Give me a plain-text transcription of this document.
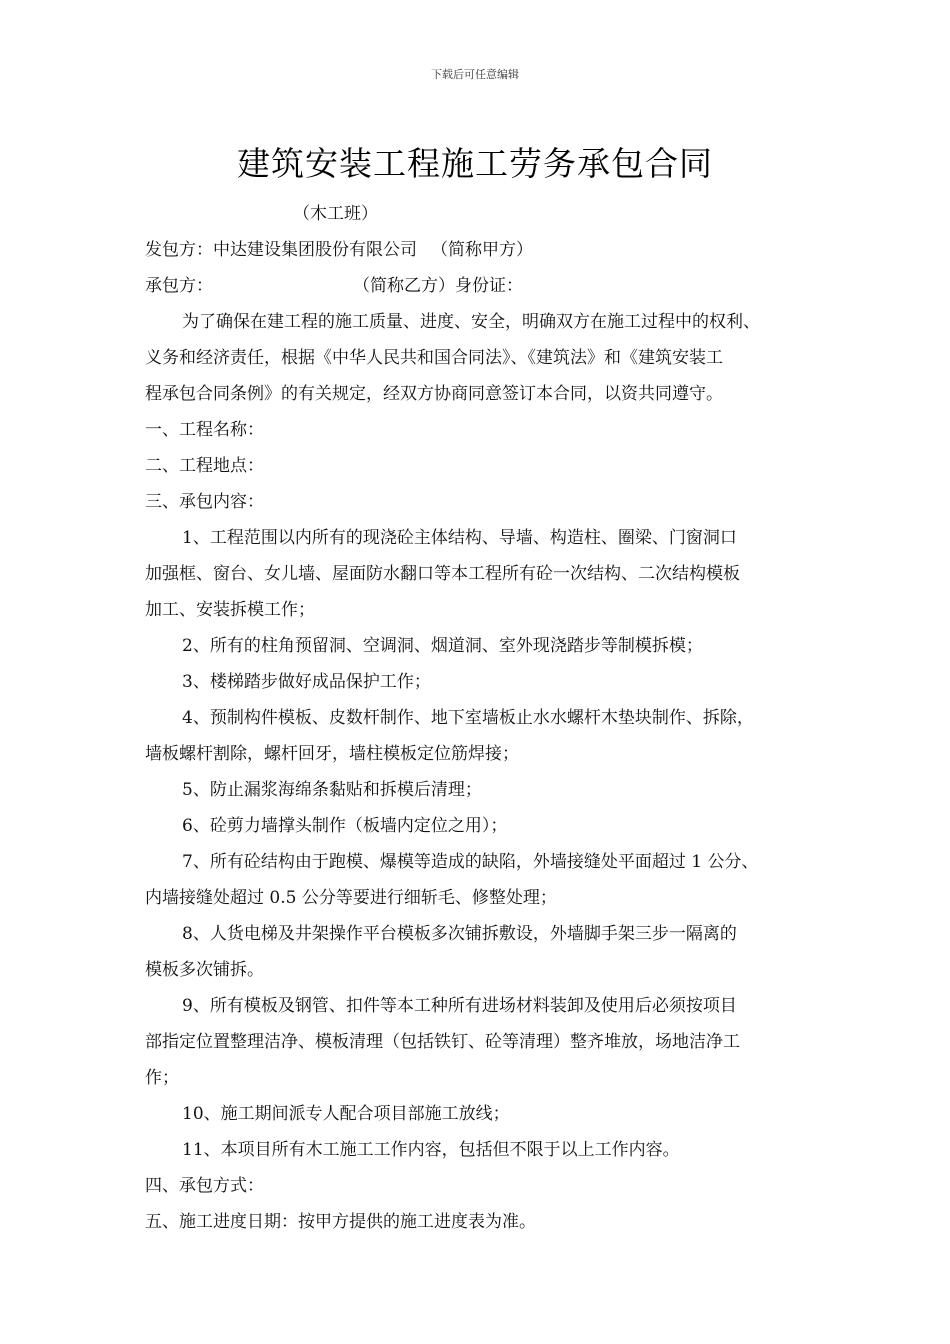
下载后可任意编辑
建筑安装工程施工劳务承包合同
（木工班）
发包方：中达建设集团股份有限公司 （简称甲方）
承包方：	（简称乙方）身份证：
为了确保在建工程的施工质量、进度、安全，明确双方在施工过程中的权利、
义务和经济责任，根据《中华人民共和国合同法》、《建筑法》和《建筑安装工
程承包合同条例》的有关规定，经双方协商同意签订本合同，以资共同遵守。
一、工程名称：
二、工程地点：
三、承包内容：
1、工程范围以内所有的现浇砼主体结构、导墙、构造柱、圈梁、门窗洞口
加强框、窗台、女儿墙、屋面防水翻口等本工程所有砼一次结构、二次结构模板
加工、安装拆模工作；
2、所有的柱角预留洞、空调洞、烟道洞、室外现浇踏步等制模拆模；
3、楼梯踏步做好成品保护工作；
4、预制构件模板、皮数杆制作、地下室墙板止水水螺杆木垫块制作、拆除，
墙板螺杆割除，螺杆回牙，墙柱模板定位筋焊接；
5、防止漏浆海绵条黏贴和拆模后清理；
6、砼剪力墙撑头制作（板墙内定位之用）；
7、所有砼结构由于跑模、爆模等造成的缺陷，外墙接缝处平面超过 1 公分、
内墙接缝处超过 0.5 公分等要进行细斩毛、修整处理；
8、人货电梯及井架操作平台模板多次铺拆敷设，外墙脚手架三步一隔离的
模板多次铺拆。
9、所有模板及钢管、扣件等本工种所有进场材料装卸及使用后必须按项目
部指定位置整理洁净、模板清理（包括铁钉、砼等清理）整齐堆放，场地洁净工
作；
10、施工期间派专人配合项目部施工放线；
11、本项目所有木工施工工作内容，包括但不限于以上工作内容。
四、承包方式：
五、施工进度日期：按甲方提供的施工进度表为准。
